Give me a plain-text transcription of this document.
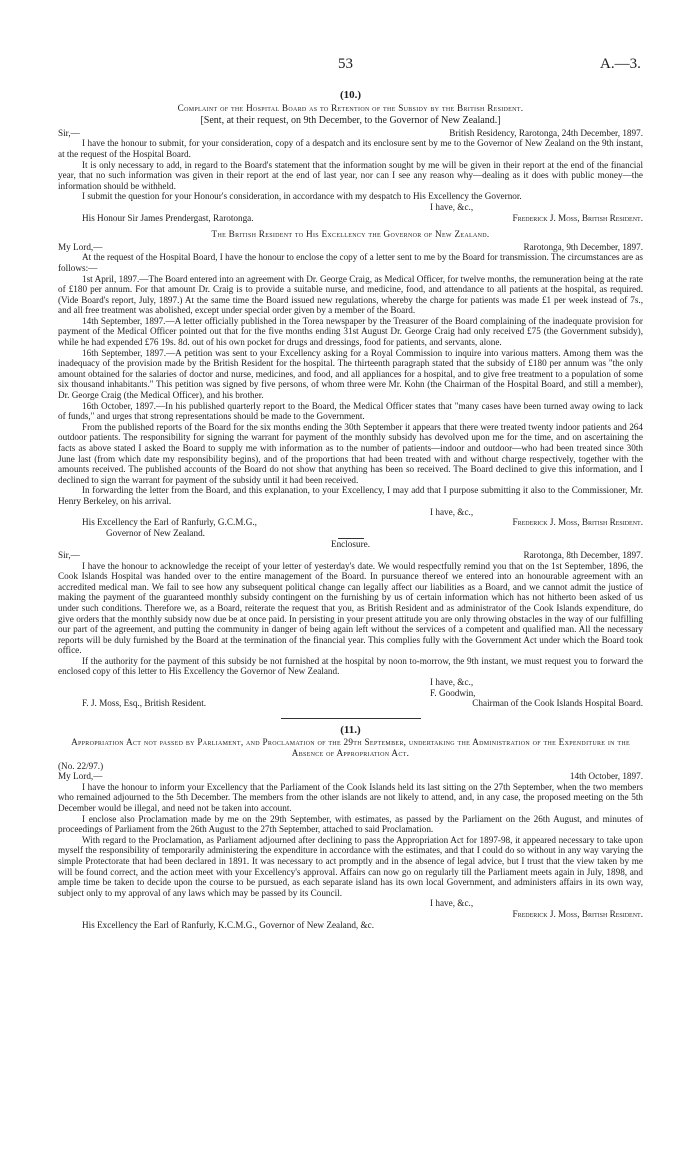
53	A.—3.
(10.)
Complaint of the Hospital Board as to Retention of the Subsidy by the British Resident.
[Sent, at their request, on 9th December, to the Governor of New Zealand.]
Sir,—	British Residency, Rarotonga, 24th December, 1897.

I have the honour to submit, for your consideration, copy of a despatch and its enclosure sent by me to the Governor of New Zealand on the 9th instant, at the request of the Hospital Board.

It is only necessary to add, in regard to the Board's statement that the information sought by me will be given in their report at the end of the financial year, that no such information was given in their report at the end of last year, nor can I see any reason why—dealing as it does with public money—the information should be withheld.

I submit the question for your Honour's consideration, in accordance with my despatch to His Excellency the Governor.

I have, &c.,
His Honour Sir James Prendergast, Rarotonga.	Frederick J. Moss, British Resident.
The British Resident to His Excellency the Governor of New Zealand.
My Lord,—	Rarotonga, 9th December, 1897.

At the request of the Hospital Board, I have the honour to enclose the copy of a letter sent to me by the Board for transmission. The circumstances are as follows:—

1st April, 1897.—The Board entered into an agreement with Dr. George Craig, as Medical Officer, for twelve months, the remuneration being at the rate of £180 per annum. For that amount Dr. Craig is to provide a suitable nurse, and medicine, food, and attendance to all patients at the hospital, as required. (Vide Board's report, July, 1897.) At the same time the Board issued new regulations, whereby the charge for patients was made £1 per week instead of 7s., and all free treatment was abolished, except under special order given by a member of the Board.

14th September, 1897.—A letter officially published in the Torea newspaper by the Treasurer of the Board complaining of the inadequate provision for payment of the Medical Officer pointed out that for the five months ending 31st August Dr. George Craig had only received £75 (the Government subsidy), while he had expended £76 19s. 8d. out of his own pocket for drugs and dressings, food for patients, and servants, alone.

16th September, 1897.—A petition was sent to your Excellency asking for a Royal Commission to inquire into various matters. Among them was the inadequacy of the provision made by the British Resident for the hospital. The thirteenth paragraph stated that the subsidy of £180 per annum was "the only amount obtained for the salaries of doctor and nurse, medicines, and food, and all appliances for a hospital, and to give free treatment to a population of some six thousand inhabitants." This petition was signed by five persons, of whom three were Mr. Kohn (the Chairman of the Hospital Board, and still a member), Dr. George Craig (the Medical Officer), and his brother.

16th October, 1897.—In his published quarterly report to the Board, the Medical Officer states that "many cases have been turned away owing to lack of funds," and urges that strong representations should be made to the Government.

From the published reports of the Board for the six months ending the 30th September it appears that there were treated twenty indoor patients and 264 outdoor patients. The responsibility for signing the warrant for payment of the monthly subsidy has devolved upon me for the time, and on ascertaining the facts as above stated I asked the Board to supply me with information as to the number of patients—indoor and outdoor—who had been treated since 30th June last (from which date my responsibility begins), and of the proportions that had been treated with and without charge respectively, together with the amounts received. The published accounts of the Board do not show that anything has been so received. The Board declined to give this information, and I declined to sign the warrant for payment of the subsidy until it had been received.

In forwarding the letter from the Board, and this explanation, to your Excellency, I may add that I purpose submitting it also to the Commissioner, Mr. Henry Berkeley, on his arrival.

I have, &c.,
His Excellency the Earl of Ranfurly, G.C.M.G.,	Frederick J. Moss, British Resident.
Governor of New Zealand.
Enclosure.
Sir,—	Rarotonga, 8th December, 1897.

I have the honour to acknowledge the receipt of your letter of yesterday's date. We would respectfully remind you that on the 1st September, 1896, the Cook Islands Hospital was handed over to the entire management of the Board. In pursuance thereof we entered into an honourable agreement with an accredited medical man. We fail to see how any subsequent political change can legally affect our liabilities as a Board, and we cannot admit the justice of making the payment of the guaranteed monthly subsidy contingent on the furnishing by us of certain information which has not hitherto been asked of us under such conditions. Therefore we, as a Board, reiterate the request that you, as British Resident and as administrator of the Cook Islands expenditure, do give orders that the monthly subsidy now due be at once paid. In persisting in your present attitude you are only throwing obstacles in the way of our fulfilling our part of the agreement, and putting the community in danger of being again left without the services of a competent and qualified man. All the necessary reports will be duly furnished by the Board at the termination of the financial year. This complies fully with the Government Act under which the Board took office.

If the authority for the payment of this subsidy be not furnished at the hospital by noon to-morrow, the 9th instant, we must request you to forward the enclosed copy of this letter to His Excellency the Governor of New Zealand.

I have, &c.,
F. Goodwin,
F. J. Moss, Esq., British Resident.	Chairman of the Cook Islands Hospital Board.
(11.)
Appropriation Act not passed by Parliament, and Proclamation of the 29th September, undertaking the Administration of the Expenditure in the Absence of Appropriation Act.
(No. 22/97.)
My Lord,—	14th October, 1897.

I have the honour to inform your Excellency that the Parliament of the Cook Islands held its last sitting on the 27th September, when the two members who remained adjourned to the 5th December. The members from the other islands are not likely to attend, and, in any case, the proposed meeting on the 5th December would be illegal, and need not be taken into account.

I enclose also Proclamation made by me on the 29th September, with estimates, as passed by the Parliament on the 26th August, and minutes of proceedings of Parliament from the 26th August to the 27th September, attached to said Proclamation.

With regard to the Proclamation, as Parliament adjourned after declining to pass the Appropriation Act for 1897-98, it appeared necessary to take upon myself the responsibility of temporarily administering the expenditure in accordance with the estimates, and that I could do so without in any way varying the simple Protectorate that had been declared in 1891. It was necessary to act promptly and in the absence of legal advice, but I trust that the view taken by me will be found correct, and the action meet with your Excellency's approval. Affairs can now go on regularly till the Parliament meets again in July, 1898, and ample time be taken to decide upon the course to be pursued, as each separate island has its own local Government, and administers affairs in its own way, subject only to my approval of any laws which may be passed by its Council.

I have, &c.,
Frederick J. Moss, British Resident.
His Excellency the Earl of Ranfurly, K.C.M.G., Governor of New Zealand, &c.
